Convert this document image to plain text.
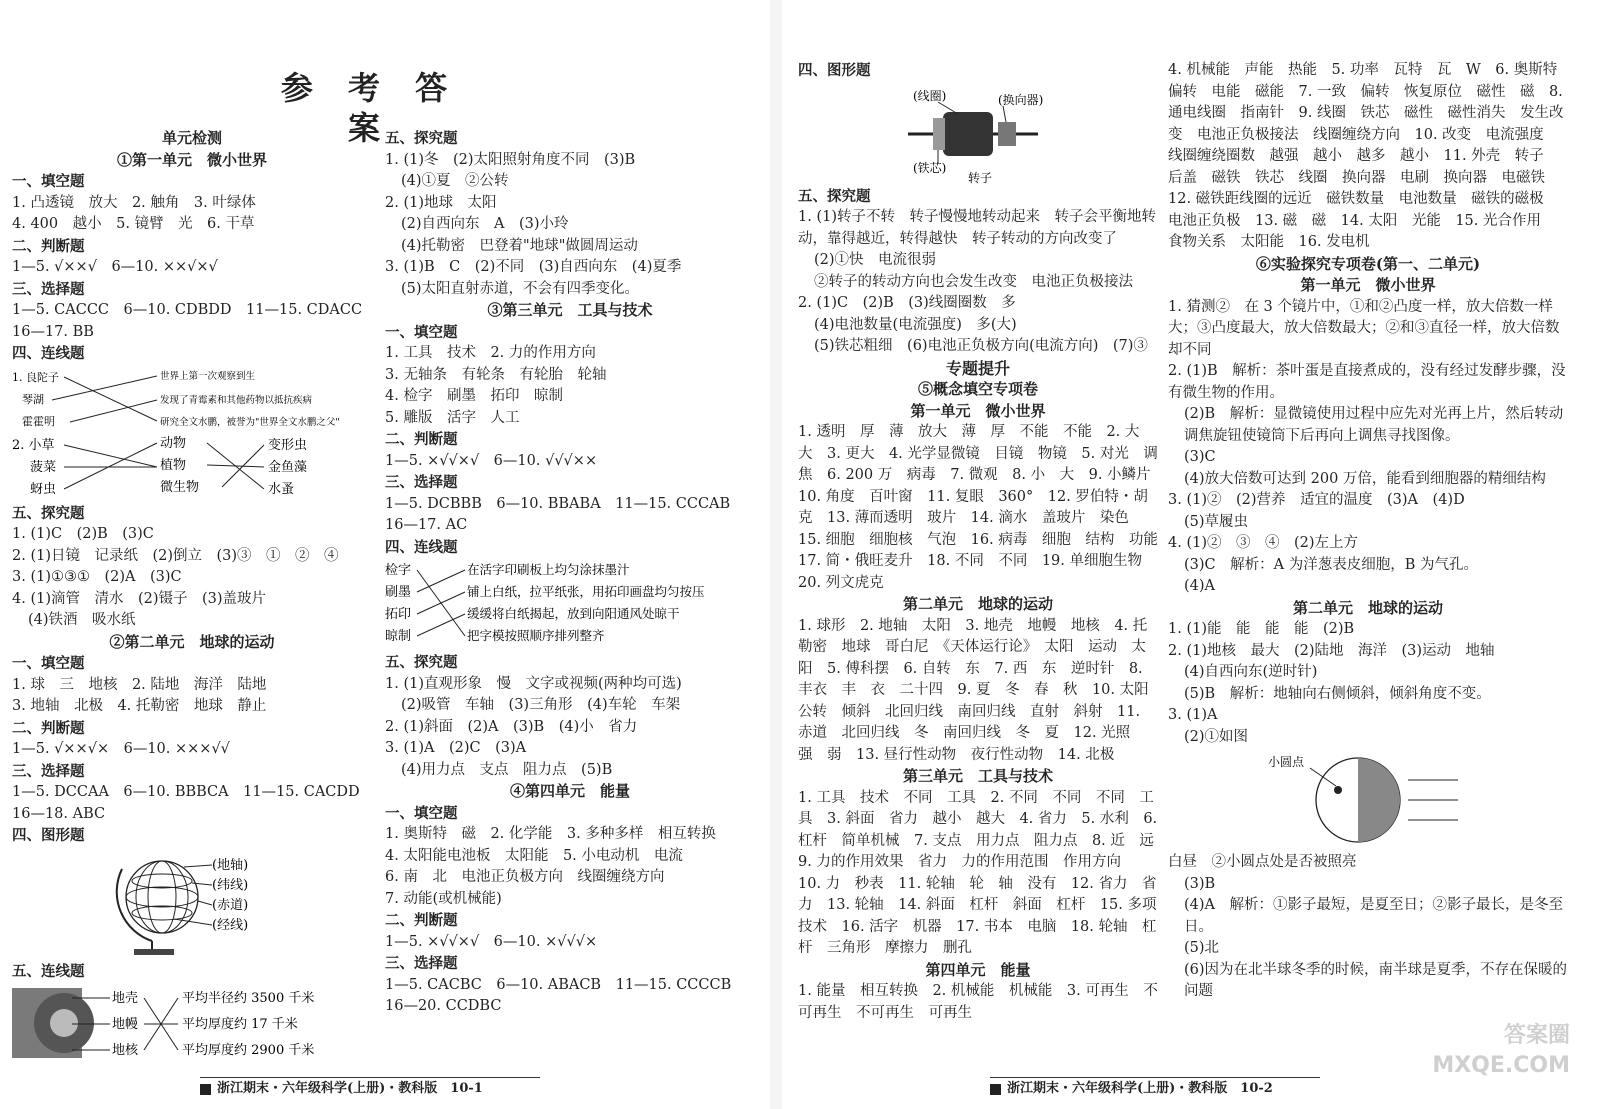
参 考 答 案
单元检测
①第一单元　微小世界
一、填空题
1. 凸透镜　放大　2. 触角　3. 叶绿体
4. 400　越小　5. 镜臂　光　6. 干草
二、判断题
1—5. √××√　6—10. ××√×√
三、选择题
1—5. CACCC　6—10. CDBDD　11—15. CDACC
16—17. BB
四、连线题
1. 良陀子
琴湖
霍霍明
世界上第一次观察到生
发现了青霉素和其他药物以抵抗疾病
研究全文水鹏，被誉为"世界全文水鹏之父"
2. 小草
菠菜
蚜虫
动物
植物
微生物
变形虫
金鱼藻
水蚤
五、探究题
1. (1)C　(2)B　(3)C
2. (1)日镜　记录纸　(2)倒立　(3)③　①　②　④
3. (1)①③①　(2)A　(3)C
4. (1)滴管　清水　(2)镊子　(3)盖玻片
(4)铁酒　吸水纸
②第二单元　地球的运动
一、填空题
1. 球　三　地核　2. 陆地　海洋　陆地
3. 地轴　北极　4. 托勒密　地球　静止
二、判断题
1—5. √××√×　6—10. ×××√√
三、选择题
1—5. DCCAA　6—10. BBBCA　11—15. CACDD
16—18. ABC
四、图形题
(地轴)
(纬线)
(赤道)
(经线)
五、连线题
地壳
地幔
地核
平均半径约 3500 千米
平均厚度约 17 千米
平均厚度约 2900 千米
五、探究题
1. (1)冬　(2)太阳照射角度不同　(3)B
(4)①夏　②公转
2. (1)地球　太阳
(2)自西向东　A　(3)小玲
(4)托勒密　巴登着"地球"做圆周运动
3. (1)B　C　(2)不同　(3)自西向东　(4)夏季
(5)太阳直射赤道，不会有四季变化。
③第三单元　工具与技术
一、填空题
1. 工具　技术　2. 力的作用方向
3. 无轴条　有轮条　有轮胎　轮轴
4. 检字　刷墨　拓印　晾制
5. 雕版　活字　人工
二、判断题
1—5. ×√√×√　6—10. √√√××
三、选择题
1—5. DCBBB　6—10. BBABA　11—15. CCCAB
16—17. AC
四、连线题
检字
刷墨
拓印
晾制
在活字印刷板上均匀涂抹墨汁
铺上白纸，拉平纸张，用拓印画盘均匀按压
缓缓将白纸揭起，放到向阳通风处晾干
把字模按照顺序排列整齐
五、探究题
1. (1)直观形象　慢　文字或视频(两种均可选)
(2)吸管　车轴　(3)三角形　(4)车轮　车架
2. (1)斜面　(2)A　(3)B　(4)小　省力
3. (1)A　(2)C　(3)A
(4)用力点　支点　阻力点　(5)B
④第四单元　能量
一、填空题
1. 奥斯特　磁　2. 化学能　3. 多种多样　相互转换
4. 太阳能电池板　太阳能　5. 小电动机　电流
6. 南　北　电池正负极方向　线圈缠绕方向
7. 动能(或机械能)
二、判断题
1—5. ×√√×√　6—10. ×√√√×
三、选择题
1—5. CACBC　6—10. ABACB　11—15. CCCCB
16—20. CCDBC
浙江期末・六年级科学(上册)・教科版　10-1
四、图形题
(线圈)	(换向器)
(铁芯)
转子
五、探究题
1. (1)转子不转　转子慢慢地转动起来　转子会平衡地转动，靠得越近，转得越快　转子转动的方向改变了
(2)①快　电流很弱
②转子的转动方向也会发生改变　电池正负极接法
2. (1)C　(2)B　(3)线圈圈数　多
(4)电池数量(电流强度)　多(大)
(5)铁芯粗细　(6)电池正负极方向(电流方向)　(7)③
专题提升
⑤概念填空专项卷
第一单元　微小世界
1. 透明　厚　薄　放大　薄　厚　不能　不能　2. 大　大　3. 更大　4. 光学显微镜　目镜　物镜　5. 对光　调焦　6. 200 万　病毒　7. 微观　8. 小　大　9. 小鳞片　10. 角度　百叶窗　11. 复眼　360°　12. 罗伯特・胡克　13. 薄而透明　玻片　14. 滴水　盖玻片　染色　15. 细胞　细胞核　气泡　16. 病毒　细胞　结构　功能　17. 简・俄旺麦升　18. 不同　不同　19. 单细胞生物　20. 列文虎克
第二单元　地球的运动
1. 球形　2. 地轴　太阳　3. 地壳　地幔　地核　4. 托勒密　地球　哥白尼　《天体运行论》　太阳　运动　太阳　5. 傅科摆　6. 自转　东　7. 西　东　逆时针　8. 丰衣　丰　衣　二十四　9. 夏　冬　春　秋　10. 太阳公转　倾斜　北回归线　南回归线　直射　斜射　11. 赤道　北回归线　冬　南回归线　冬　夏　12. 光照　强　弱　13. 昼行性动物　夜行性动物　14. 北极
第三单元　工具与技术
1. 工具　技术　不同　工具　2. 不同　不同　不同　工具　3. 斜面　省力　越小　越大　4. 省力　5. 水利　6. 杠杆　简单机械　7. 支点　用力点　阻力点　8. 近　远　9. 力的作用效果　省力　力的作用范围　作用方向　10. 力　秒表　11. 轮轴　轮　轴　没有　12. 省力　省力　13. 轮轴　14. 斜面　杠杆　斜面　杠杆　15. 多项技术　16. 活字　机器　17. 书本　电脑　18. 轮轴　杠杆　三角形　摩擦力　删孔
第四单元　能量
1. 能量　相互转换　2. 机械能　机械能　3. 可再生　不可再生　不可再生　可再生
4. 机械能　声能　热能　5. 功率　瓦特　瓦　W　6. 奥斯特　偏转　电能　磁能　7. 一致　偏转　恢复原位　磁性　磁　8. 通电线圈　指南针　9. 线圈　铁芯　磁性　磁性消失　发生改变　电池正负极接法　线圈缠绕方向　10. 改变　电流强度　线圈缠绕圈数　越强　越小　越多　越小　11. 外壳　转子　后盖　磁铁　铁芯　线圈　换向器　电刷　换向器　电磁铁　12. 磁铁距线圈的远近　磁铁数量　电池数量　磁铁的磁极　电池正负极　13. 磁　磁　14. 太阳　光能　15. 光合作用　食物关系　太阳能　16. 发电机
⑥实验探究专项卷(第一、二单元)
第一单元　微小世界
1. 猜测②　在 3 个镜片中，①和②凸度一样，放大倍数一样大；③凸度最大，放大倍数最大；②和③直径一样，放大倍数却不同
2. (1)B　解析：茶叶蛋是直接煮成的，没有经过发酵步骤，没有微生物的作用。
(2)B　解析：显微镜使用过程中应先对光再上片，然后转动调焦旋钮使镜筒下后再向上调焦寻找图像。
(3)C
(4)放大倍数可达到 200 万倍，能看到细胞器的精细结构
3. (1)②　(2)营养　适宜的温度　(3)A　(4)D
(5)草履虫
4. (1)②　③　④　(2)左上方
(3)C　解析：A 为洋葱表皮细胞，B 为气孔。
(4)A
第二单元　地球的运动
1. (1)能　能　能　能　(2)B
2. (1)地核　最大　(2)陆地　海洋　(3)运动　地轴
(4)自西向东(逆时针)
(5)B　解析：地轴向右侧倾斜，倾斜角度不变。
3. (1)A
(2)①如图
小圆点
白昼　②小圆点处是否被照亮
(3)B
(4)A　解析：①影子最短，是夏至日；②影子最长，是冬至日。
(5)北
(6)因为在北半球冬季的时候，南半球是夏季，不存在保暖的问题
浙江期末・六年级科学(上册)・教科版　10-2
答案圈
MXQE.COM
